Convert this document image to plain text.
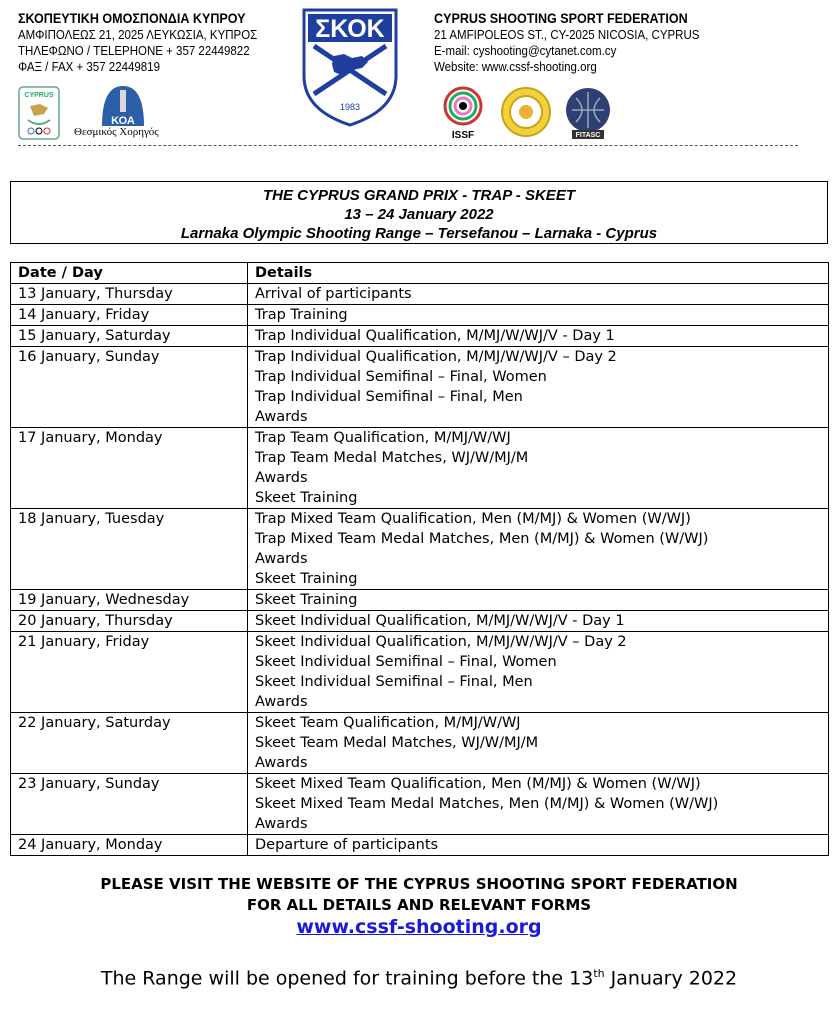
ΣΚΟΠΕΥΤΙΚΗ ΟΜΟΣΠΟΝΔΙΑ ΚΥΠΡΟΥ
ΑΜΦΙΠΟΛΕΩΣ 21, 2025 ΛΕΥΚΩΣΙΑ, ΚΥΠΡΟΣ
ΤΗΛΕΦΩΝΟ / TELEPHONE + 357 22449822
ΦΑΞ / FAX + 357 22449819
ΣΚΟΚ
1983
CYPRUS SHOOTING SPORT FEDERATION
21 AMFIPOLEOS ST., CY-2025 NICOSIA, CYPRUS
E-mail: cyshooting@cytanet.com.cy
Website: www.cssf-shooting.org
CYPRUS
ΚΟΑ
Θεσμικός Χορηγός	ISSF	FITASC
THE CYPRUS GRAND PRIX - TRAP - SKEET
13 – 24 January 2022
Larnaka Olympic Shooting Range – Tersefanou – Larnaka - Cyprus
Date / Day	Details
13 January, Thursday	Arrival of participants

14 January, Friday	Trap Training

15 January, Saturday	Trap Individual Qualification, M/MJ/W/WJ/V - Day 1

16 January, Sunday	Trap Individual Qualification, M/MJ/W/WJ/V – Day 2
Trap Individual Semifinal – Final, Women
Trap Individual Semifinal – Final, Men
Awards

17 January, Monday	Trap Team Qualification, M/MJ/W/WJ
Trap Team Medal Matches, WJ/W/MJ/M
Awards
Skeet Training

18 January, Tuesday	Trap Mixed Team Qualification, Men (M/MJ) & Women (W/WJ)
Trap Mixed Team Medal Matches, Men (M/MJ) & Women (W/WJ)
Awards
Skeet Training

19 January, Wednesday	Skeet Training

20 January, Thursday	Skeet Individual Qualification, M/MJ/W/WJ/V - Day 1

21 January, Friday	Skeet Individual Qualification, M/MJ/W/WJ/V – Day 2
Skeet Individual Semifinal – Final, Women
Skeet Individual Semifinal – Final, Men
Awards

22 January, Saturday	Skeet Team Qualification, M/MJ/W/WJ
Skeet Team Medal Matches, WJ/W/MJ/M
Awards

23 January, Sunday	Skeet Mixed Team Qualification, Men (M/MJ) & Women (W/WJ)
Skeet Mixed Team Medal Matches, Men (M/MJ) & Women (W/WJ)
Awards

24 January, Monday	Departure of participants
PLEASE VISIT THE WEBSITE OF THE CYPRUS SHOOTING SPORT FEDERATION
FOR ALL DETAILS AND RELEVANT FORMS
www.cssf-shooting.org
The Range will be opened for training before the 13th January 2022
